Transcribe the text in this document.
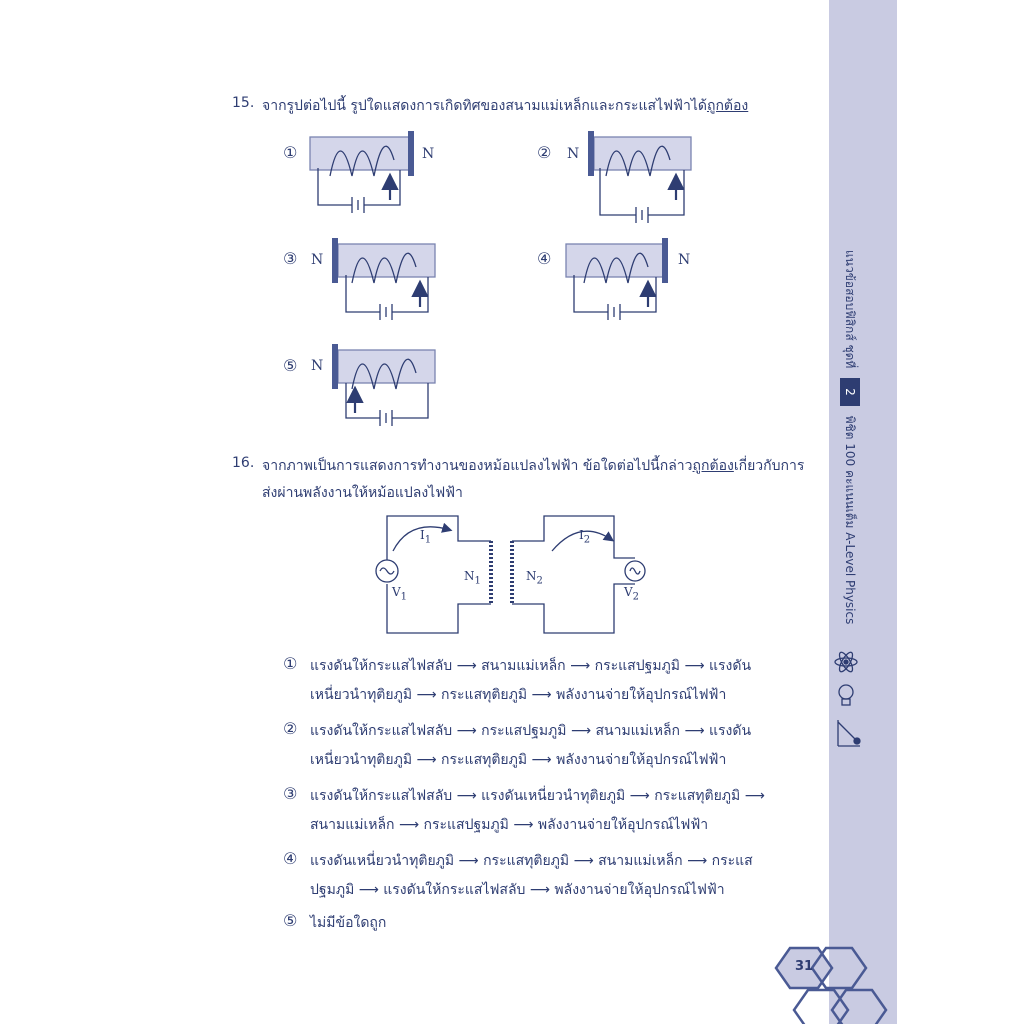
แนวข้อสอบฟิสิกส์ ชุดที่ 2 พิชิต 100 คะแนนเต็ม A-Level Physics
15. จากรูปต่อไปนี้ รูปใดแสดงการเกิดทิศของสนามแม่เหล็กและกระแสไฟฟ้าได้ถูกต้อง
①	②
③	④
⑤
N	N
N	N
N
16. จากภาพเป็นการแสดงการทำงานของหม้อแปลงไฟฟ้า ข้อใดต่อไปนี้กล่าวถูกต้องเกี่ยวกับการ
ส่งผ่านพลังงานให้หม้อแปลงไฟฟ้า
$I_1$	$I_2$
$N_1$	$N_2$
$V_1$	$V_2$
① แรงดันให้กระแสไฟสลับ ⟶ สนามแม่เหล็ก ⟶ กระแสปฐมภูมิ ⟶ แรงดัน
เหนี่ยวนำทุติยภูมิ ⟶ กระแสทุติยภูมิ ⟶ พลังงานจ่ายให้อุปกรณ์ไฟฟ้า
② แรงดันให้กระแสไฟสลับ ⟶ กระแสปฐมภูมิ ⟶ สนามแม่เหล็ก ⟶ แรงดัน
เหนี่ยวนำทุติยภูมิ ⟶ กระแสทุติยภูมิ ⟶ พลังงานจ่ายให้อุปกรณ์ไฟฟ้า
③ แรงดันให้กระแสไฟสลับ ⟶ แรงดันเหนี่ยวนำทุติยภูมิ ⟶ กระแสทุติยภูมิ ⟶
สนามแม่เหล็ก ⟶ กระแสปฐมภูมิ ⟶ พลังงานจ่ายให้อุปกรณ์ไฟฟ้า
④ แรงดันเหนี่ยวนำทุติยภูมิ ⟶ กระแสทุติยภูมิ ⟶ สนามแม่เหล็ก ⟶ กระแส
ปฐมภูมิ ⟶ แรงดันให้กระแสไฟสลับ ⟶ พลังงานจ่ายให้อุปกรณ์ไฟฟ้า
⑤ ไม่มีข้อใดถูก
31
